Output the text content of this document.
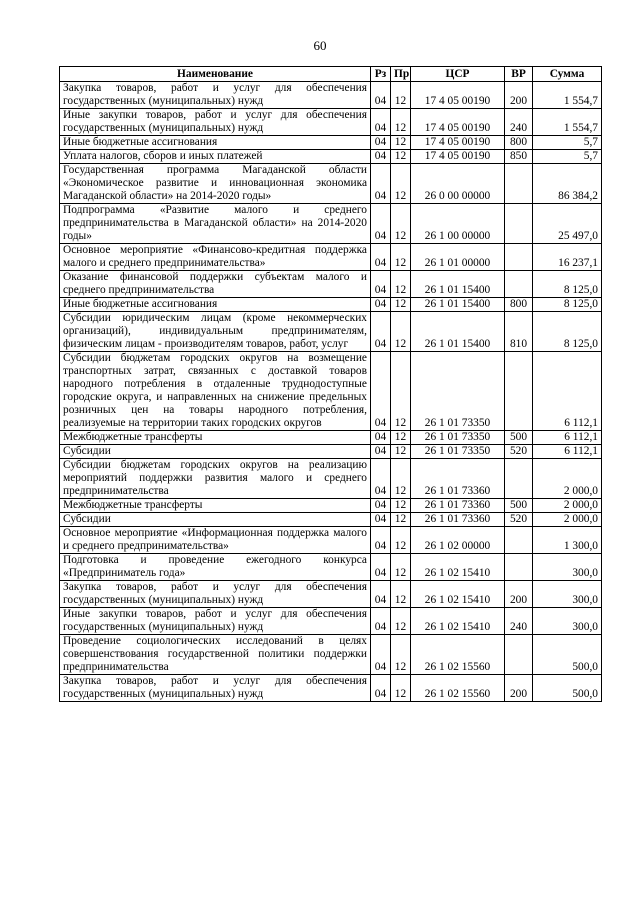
60
Наименование	Рз	Пр	ЦСР	ВР	Сумма
Закупка товаров, работ и услуг для обеспечения государственных (муниципальных) нужд	04	12	17 4 05 00190	200	1 554,7
Иные закупки товаров, работ и услуг для обеспечения государственных (муниципальных) нужд	04	12	17 4 05 00190	240	1 554,7
Иные бюджетные ассигнования	04	12	17 4 05 00190	800	5,7
Уплата налогов, сборов и иных платежей	04	12	17 4 05 00190	850	5,7
Государственная программа Магаданской области «Экономическое развитие и инновационная экономика Магаданской области» на 2014-2020 годы»	04	12	26 0 00 00000		86 384,2
Подпрограмма «Развитие малого и среднего предпринимательства в Магаданской области» на 2014-2020 годы»	04	12	26 1 00 00000		25 497,0
Основное мероприятие «Финансово-кредитная поддержка малого и среднего предпринимательства»	04	12	26 1 01 00000		16 237,1
Оказание финансовой поддержки субъектам малого и среднего предпринимательства	04	12	26 1 01 15400		8 125,0
Иные бюджетные ассигнования	04	12	26 1 01 15400	800	8 125,0
Субсидии юридическим лицам (кроме некоммерческих организаций), индивидуальным предпринимателям, физическим лицам - производителям товаров, работ, услуг	04	12	26 1 01 15400	810	8 125,0
Субсидии бюджетам городских округов на возмещение транспортных затрат, связанных с доставкой товаров народного потребления в отдаленные труднодоступные городские округа, и направленных на снижение предельных розничных цен на товары народного потребления, реализуемые на территории таких городских округов	04	12	26 1 01 73350		6 112,1
Межбюджетные трансферты	04	12	26 1 01 73350	500	6 112,1
Субсидии	04	12	26 1 01 73350	520	6 112,1
Субсидии бюджетам городских округов на реализацию мероприятий поддержки развития малого и среднего предпринимательства	04	12	26 1 01 73360		2 000,0
Межбюджетные трансферты	04	12	26 1 01 73360	500	2 000,0
Субсидии	04	12	26 1 01 73360	520	2 000,0
Основное мероприятие «Информационная поддержка малого и среднего предпринимательства»	04	12	26 1 02 00000		1 300,0
Подготовка и проведение ежегодного конкурса «Предприниматель года»	04	12	26 1 02 15410		300,0
Закупка товаров, работ и услуг для обеспечения государственных (муниципальных) нужд	04	12	26 1 02 15410	200	300,0
Иные закупки товаров, работ и услуг для обеспечения государственных (муниципальных) нужд	04	12	26 1 02 15410	240	300,0
Проведение социологических исследований в целях совершенствования государственной политики поддержки предпринимательства	04	12	26 1 02 15560		500,0
Закупка товаров, работ и услуг для обеспечения государственных (муниципальных) нужд	04	12	26 1 02 15560	200	500,0
